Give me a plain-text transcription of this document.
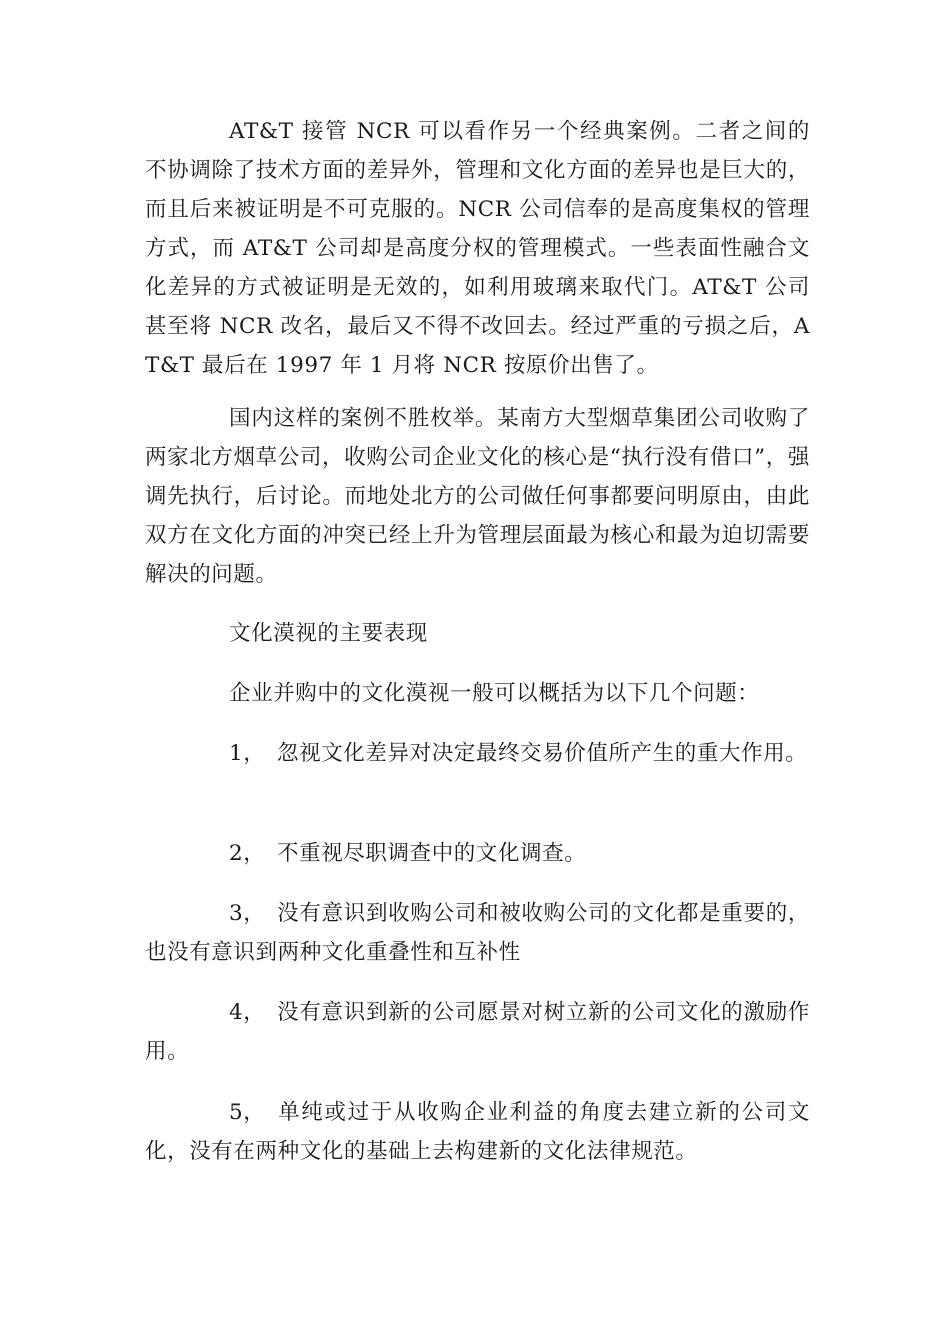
AT&T 接管 NCR 可以看作另一个经典案例。二者之间的不协调除了技术方面的差异外，管理和文化方面的差异也是巨大的，而且后来被证明是不可克服的。NCR 公司信奉的是高度集权的管理方式，而 AT&T 公司却是高度分权的管理模式。一些表面性融合文化差异的方式被证明是无效的，如利用玻璃来取代门。AT&T 公司甚至将 NCR 改名，最后又不得不改回去。经过严重的亏损之后，AT&T 最后在 1997 年 1 月将 NCR 按原价出售了。

国内这样的案例不胜枚举。某南方大型烟草集团公司收购了两家北方烟草公司，收购公司企业文化的核心是“执行没有借口”，强调先执行，后讨论。而地处北方的公司做任何事都要问明原由，由此双方在文化方面的冲突已经上升为管理层面最为核心和最为迫切需要解决的问题。

文化漠视的主要表现

企业并购中的文化漠视一般可以概括为以下几个问题：

1， 忽视文化差异对决定最终交易价值所产生的重大作用。

2， 不重视尽职调查中的文化调查。

3， 没有意识到收购公司和被收购公司的文化都是重要的，也没有意识到两种文化重叠性和互补性

4， 没有意识到新的公司愿景对树立新的公司文化的激励作用。

5， 单纯或过于从收购企业利益的角度去建立新的公司文化，没有在两种文化的基础上去构建新的文化法律规范。
